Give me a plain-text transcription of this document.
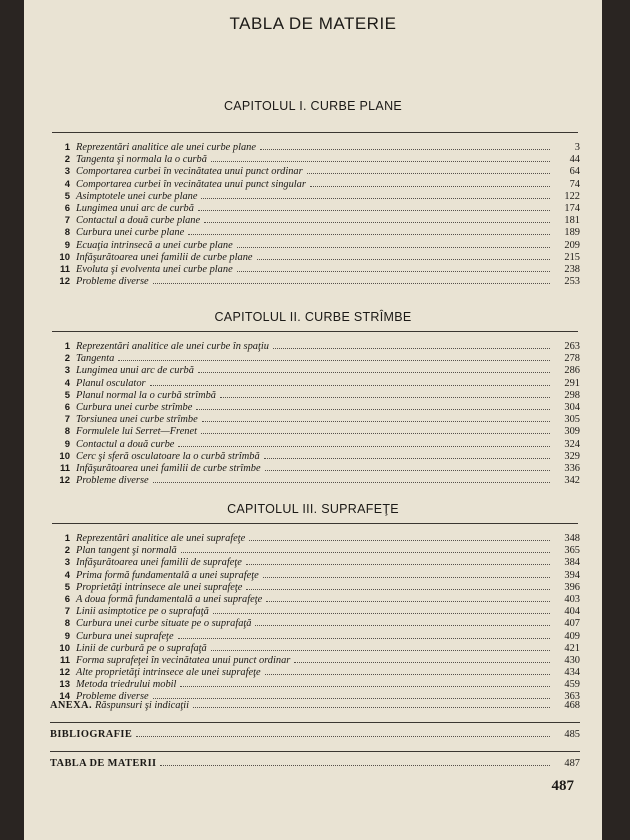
TABLA DE MATERIE
CAPITOLUL I. CURBE PLANE
1 Reprezentări analitice ale unei curbe plane	3
2 Tangenta şi normala la o curbă	44
3 Comportarea curbei în vecinătatea unui punct ordinar	64
4 Comportarea curbei în vecinătatea unui punct singular	74
5 Asimptotele unei curbe plane	122
6 Lungimea unui arc de curbă	174
7 Contactul a două curbe plane	181
8 Curbura unei curbe plane	189
9 Ecuaţia intrinsecă a unei curbe plane	209
10 Infăşurătoarea unei familii de curbe plane	215
11 Evoluta şi evolventa unei curbe plane	238
12 Probleme diverse	253
CAPITOLUL II. CURBE STRÎMBE
1 Reprezentări analitice ale unei curbe în spaţiu	263
2 Tangenta	278
3 Lungimea unui arc de curbă	286
4 Planul osculator	291
5 Planul normal la o curbă strîmbă	298
6 Curbura unei curbe strîmbe	304
7 Torsiunea unei curbe strîmbe	305
8 Formulele lui Serret—Frenet	309
9 Contactul a două curbe	324
10 Cerc şi sferă osculatoare la o curbă strîmbă	329
11 Infăşurătoarea unei familii de curbe strîmbe	336
12 Probleme diverse	342
CAPITOLUL III. SUPRAFEŢE
1 Reprezentări analitice ale unei suprafeţe	348
2 Plan tangent şi normală	365
3 Infăşurătoarea unei familii de suprafeţe	384
4 Prima formă fundamentală a unei suprafeţe	394
5 Proprietăţi intrinsece ale unei suprafeţe	396
6 A doua formă fundamentală a unei suprafeţe	403
7 Linii asimptotice pe o suprafaţă	404
8 Curbura unei curbe situate pe o suprafaţă	407
9 Curbura unei suprafeţe	409
10 Linii de curbură pe o suprafaţă	421
11 Forma suprafeţei în vecinătatea unui punct ordinar	430
12 Alte proprietăţi intrinsece ale unei suprafeţe	434
13 Metoda triedrului mobil	459
14 Probleme diverse	363
ANEXA. Răspunsuri şi indicaţii	468
BIBLIOGRAFIE	485
TABLA DE MATERII	487
487
